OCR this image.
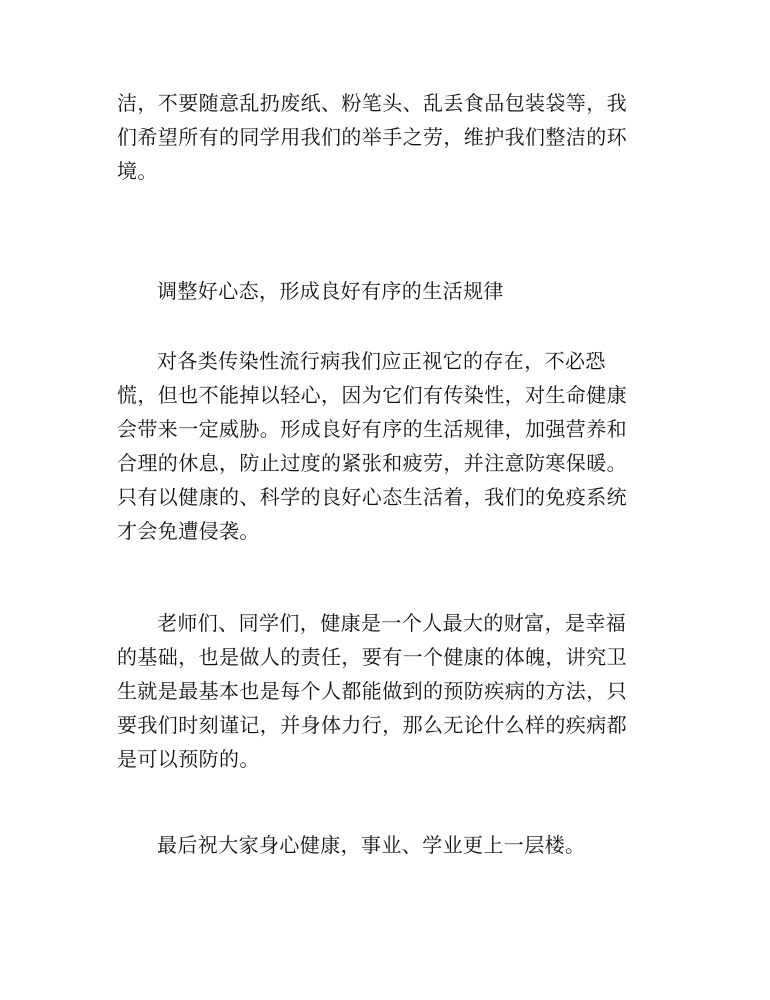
洁，不要随意乱扔废纸、粉笔头、乱丢食品包装袋等，我
们希望所有的同学用我们的举手之劳，维护我们整洁的环
境。
调整好心态，形成良好有序的生活规律
对各类传染性流行病我们应正视它的存在，不必恐
慌，但也不能掉以轻心，因为它们有传染性，对生命健康
会带来一定威胁。形成良好有序的生活规律，加强营养和
合理的休息，防止过度的紧张和疲劳，并注意防寒保暖。
只有以健康的、科学的良好心态生活着，我们的免疫系统
才会免遭侵袭。
老师们、同学们，健康是一个人最大的财富，是幸福
的基础，也是做人的责任，要有一个健康的体魄，讲究卫
生就是最基本也是每个人都能做到的预防疾病的方法，只
要我们时刻谨记，并身体力行，那么无论什么样的疾病都
是可以预防的。
最后祝大家身心健康，事业、学业更上一层楼。
